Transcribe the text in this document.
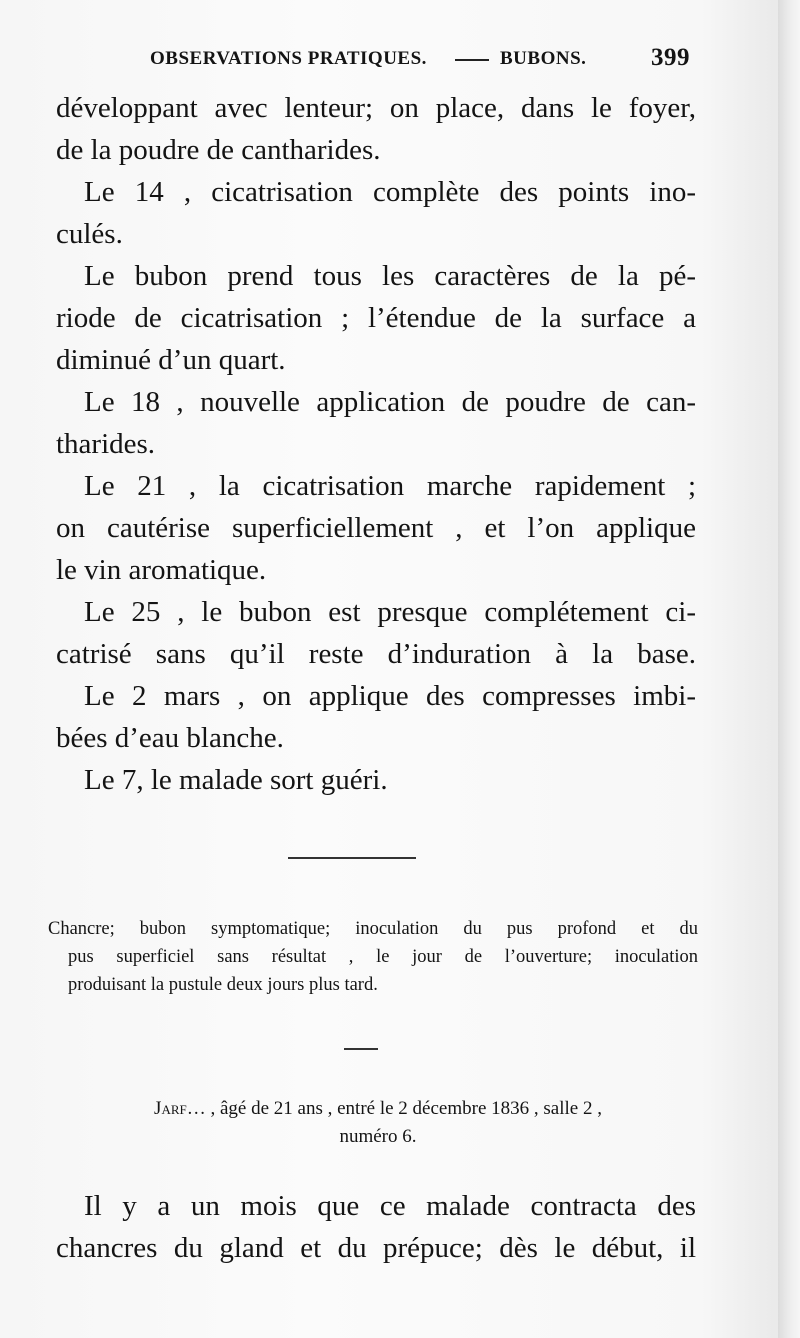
OBSERVATIONS PRATIQUES.	BUBONS.	399
développant avec lenteur; on place, dans le foyer,
de la poudre de cantharides.
Le 14 , cicatrisation complète des points ino-
culés.
Le bubon prend tous les caractères de la pé-
riode de cicatrisation ; l’étendue de la surface a
diminué d’un quart.
Le 18 , nouvelle application de poudre de can-
tharides.
Le 21 , la cicatrisation marche rapidement ;
on cautérise superficiellement , et l’on applique
le vin aromatique.
Le 25 , le bubon est presque complétement ci-
catrisé sans qu’il reste d’induration à la base.
Le 2 mars , on applique des compresses imbi-
bées d’eau blanche.
Le 7, le malade sort guéri.
Chancre; bubon symptomatique; inoculation du pus profond et du
pus superficiel sans résultat , le jour de l’ouverture; inoculation
produisant la pustule deux jours plus tard.
Jarf… , âgé de 21 ans , entré le 2 décembre 1836 , salle 2 ,
numéro 6.
Il y a un mois que ce malade contracta des
chancres du gland et du prépuce; dès le début, il
